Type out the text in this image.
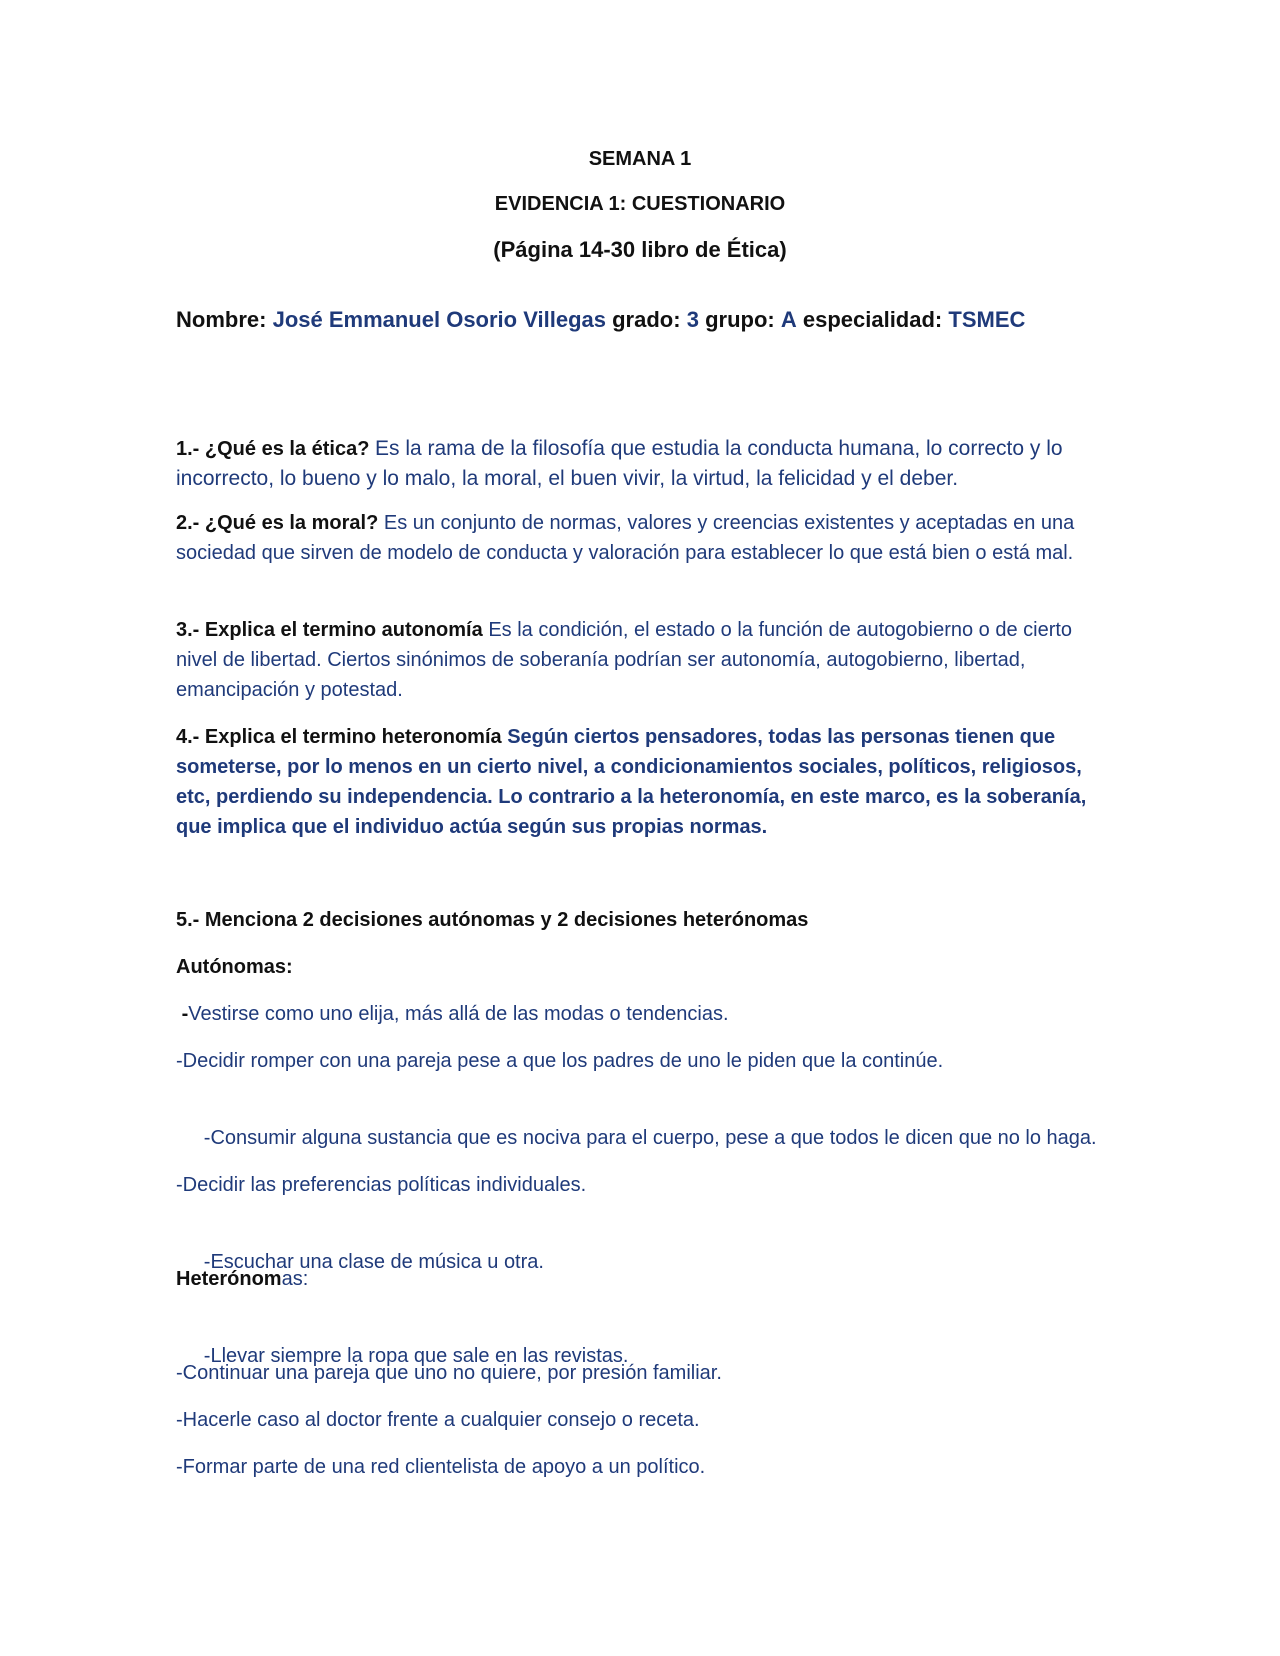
SEMANA 1
EVIDENCIA 1: CUESTIONARIO
(Página 14-30 libro de Ética)
Nombre: José Emmanuel Osorio Villegas grado: 3 grupo: A especialidad: TSMEC
1.- ¿Qué es la ética? Es la rama de la filosofía que estudia la conducta humana, lo correcto y lo incorrecto, lo bueno y lo malo, la moral, el buen vivir, la virtud, la felicidad y el deber.
2.- ¿Qué es la moral? Es un conjunto de normas, valores y creencias existentes y aceptadas en una sociedad que sirven de modelo de conducta y valoración para establecer lo que está bien o está mal.
3.- Explica el termino autonomía Es la condición, el estado o la función de autogobierno o de cierto nivel de libertad. Ciertos sinónimos de soberanía podrían ser autonomía, autogobierno, libertad, emancipación y potestad.
4.- Explica el termino heteronomía Según ciertos pensadores, todas las personas tienen que someterse, por lo menos en un cierto nivel, a condicionamientos sociales, políticos, religiosos, etc, perdiendo su independencia. Lo contrario a la heteronomía, en este marco, es la soberanía, que implica que el individuo actúa según sus propias normas.
5.- Menciona 2 decisiones autónomas y 2 decisiones heterónomas
Autónomas:
-Vestirse como uno elija, más allá de las modas o tendencias.
-Decidir romper con una pareja pese a que los padres de uno le piden que la continúe.

-Consumir alguna sustancia que es nociva para el cuerpo, pese a que todos le dicen que no lo haga.

-Decidir las preferencias políticas individuales.

-Escuchar una clase de música u otra.

Heterónomas:

-Llevar siempre la ropa que sale en las revistas.

-Continuar una pareja que uno no quiere, por presión familiar.
-Hacerle caso al doctor frente a cualquier consejo o receta.
-Formar parte de una red clientelista de apoyo a un político.
